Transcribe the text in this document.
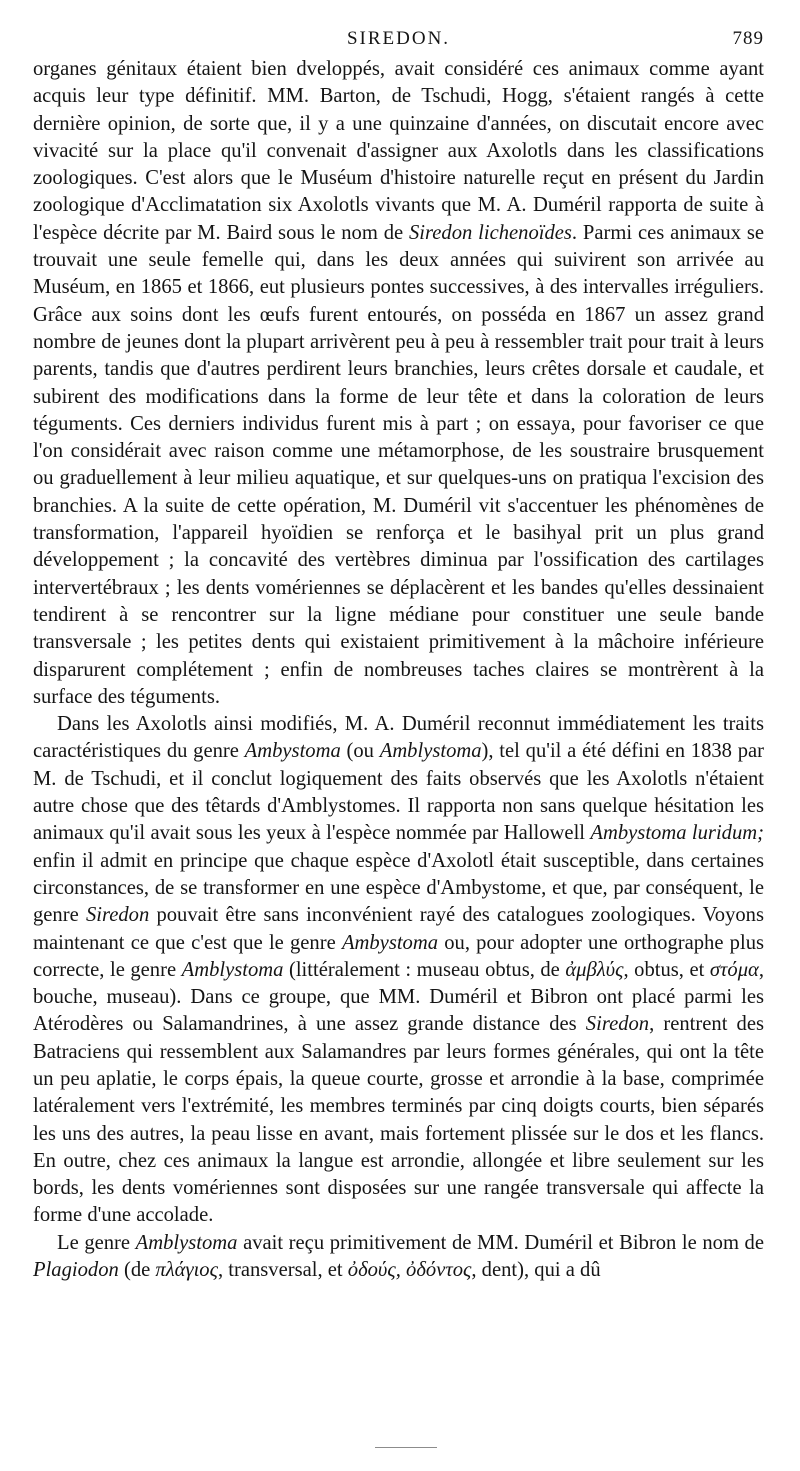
SIREDON.	789

organes génitaux étaient bien dveloppés, avait considéré ces animaux comme ayant acquis leur type définitif. MM. Barton, de Tschudi, Hogg, s'étaient rangés à cette dernière opinion, de sorte que, il y a une quinzaine d'années, on discutait encore avec vivacité sur la place qu'il convenait d'assigner aux Axolotls dans les classifications zoologiques. C'est alors que le Muséum d'histoire naturelle reçut en présent du Jardin zoologique d'Acclimatation six Axolotls vivants que M. A. Duméril rapporta de suite à l'espèce décrite par M. Baird sous le nom de Siredon lichenoïdes. Parmi ces animaux se trouvait une seule femelle qui, dans les deux années qui suivirent son arrivée au Muséum, en 1865 et 1866, eut plusieurs pontes successives, à des intervalles irréguliers. Grâce aux soins dont les œufs furent entourés, on posséda en 1867 un assez grand nombre de jeunes dont la plupart arrivèrent peu à peu à ressembler trait pour trait à leurs parents, tandis que d'autres perdirent leurs branchies, leurs crêtes dorsale et caudale, et subirent des modifications dans la forme de leur tête et dans la coloration de leurs téguments. Ces derniers individus furent mis à part ; on essaya, pour favoriser ce que l'on considérait avec raison comme une métamorphose, de les soustraire brusquement ou graduellement à leur milieu aquatique, et sur quelques-uns on pratiqua l'excision des branchies. A la suite de cette opération, M. Duméril vit s'accentuer les phénomènes de transformation, l'appareil hyoïdien se renforça et le basihyal prit un plus grand développement ; la concavité des vertèbres diminua par l'ossification des cartilages intervertébraux ; les dents vomériennes se déplacèrent et les bandes qu'elles dessinaient tendirent à se rencontrer sur la ligne médiane pour constituer une seule bande transversale ; les petites dents qui existaient primitivement à la mâchoire inférieure disparurent complétement ; enfin de nombreuses taches claires se montrèrent à la surface des téguments.

Dans les Axolotls ainsi modifiés, M. A. Duméril reconnut immédiatement les traits caractéristiques du genre Ambystoma (ou Amblystoma), tel qu'il a été défini en 1838 par M. de Tschudi, et il conclut logiquement des faits observés que les Axolotls n'étaient autre chose que des têtards d'Amblystomes. Il rapporta non sans quelque hésitation les animaux qu'il avait sous les yeux à l'espèce nommée par Hallowell Ambystoma luridum; enfin il admit en principe que chaque espèce d'Axolotl était susceptible, dans certaines circonstances, de se transformer en une espèce d'Ambystome, et que, par conséquent, le genre Siredon pouvait être sans inconvénient rayé des catalogues zoologiques. Voyons maintenant ce que c'est que le genre Ambystoma ou, pour adopter une orthographe plus correcte, le genre Amblystoma (littéralement : museau obtus, de ἀμβλύς, obtus, et στόμα, bouche, museau). Dans ce groupe, que MM. Duméril et Bibron ont placé parmi les Atérodères ou Salamandrines, à une assez grande distance des Siredon, rentrent des Batraciens qui ressemblent aux Salamandres par leurs formes générales, qui ont la tête un peu aplatie, le corps épais, la queue courte, grosse et arrondie à la base, comprimée latéralement vers l'extrémité, les membres terminés par cinq doigts courts, bien séparés les uns des autres, la peau lisse en avant, mais fortement plissée sur le dos et les flancs. En outre, chez ces animaux la langue est arrondie, allongée et libre seulement sur les bords, les dents vomériennes sont disposées sur une rangée transversale qui affecte la forme d'une accolade.

Le genre Amblystoma avait reçu primitivement de MM. Duméril et Bibron le nom de Plagiodon (de πλάγιος, transversal, et ὀδούς, ὀδόντος, dent), qui a dû
